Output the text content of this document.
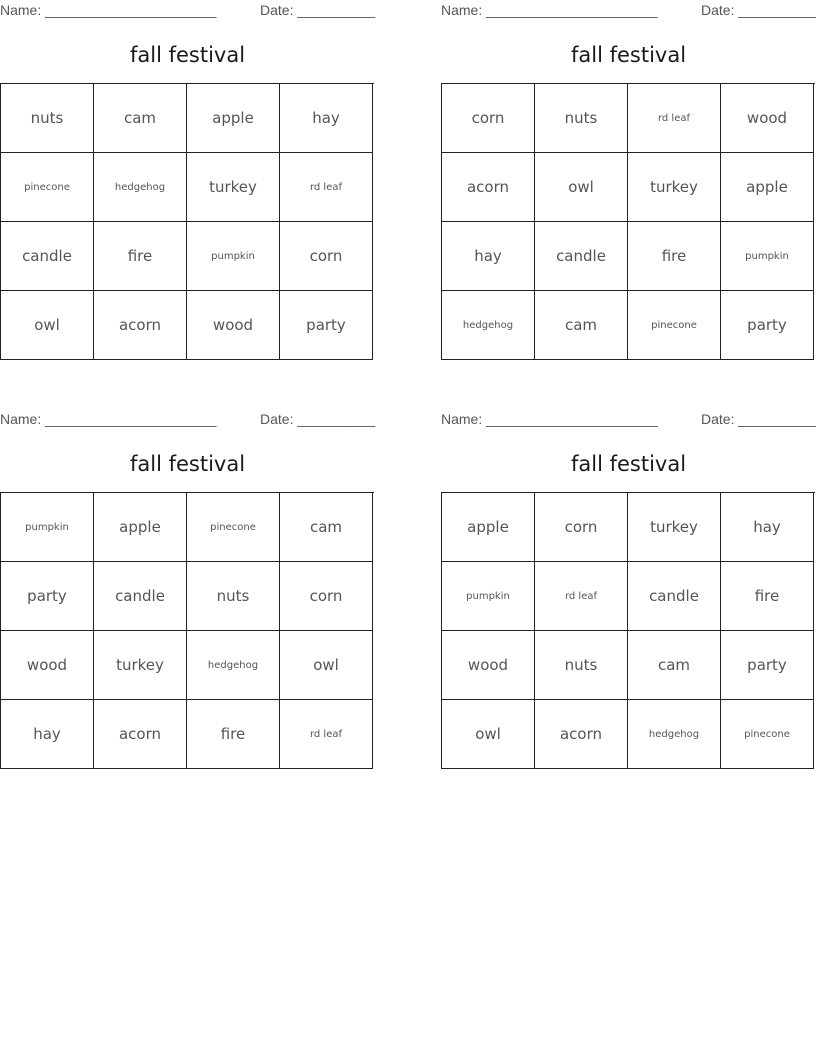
Name: ______________________	Date: __________
fall festival
nuts	cam	apple	hay
pinecone	hedgehog	turkey	rd leaf
candle	fire	pumpkin	corn
owl	acorn	wood	party
Name: ______________________	Date: __________
fall festival
corn	nuts	rd leaf	wood
acorn	owl	turkey	apple
hay	candle	fire	pumpkin
hedgehog	cam	pinecone	party
Name: ______________________	Date: __________
fall festival
pumpkin	apple	pinecone	cam
party	candle	nuts	corn
wood	turkey	hedgehog	owl
hay	acorn	fire	rd leaf
Name: ______________________	Date: __________
fall festival
apple	corn	turkey	hay
pumpkin	rd leaf	candle	fire
wood	nuts	cam	party
owl	acorn	hedgehog	pinecone
